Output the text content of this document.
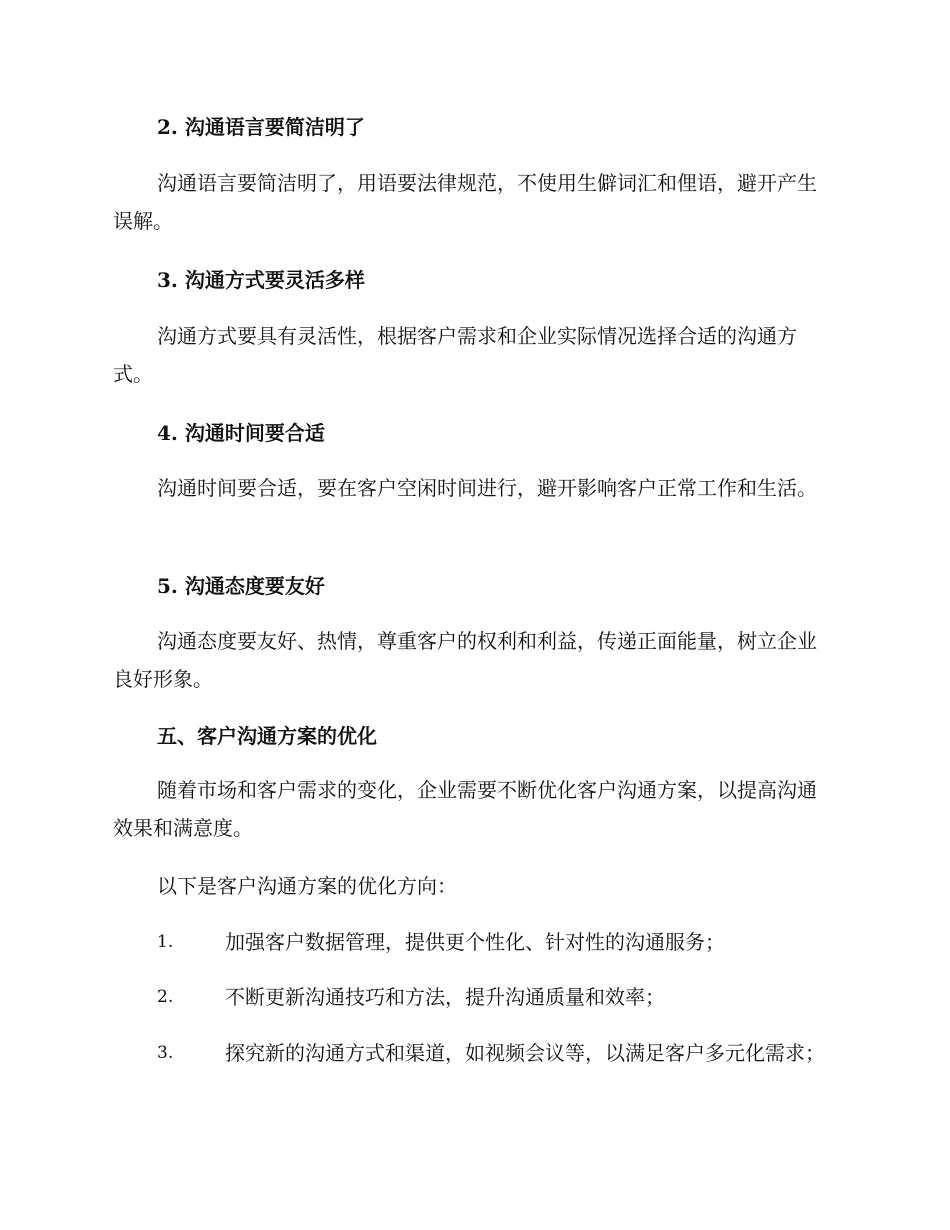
2. 沟通语言要简洁明了
沟通语言要简洁明了，用语要法律规范，不使用生僻词汇和俚语，避开产生误解。
3. 沟通方式要灵活多样
沟通方式要具有灵活性，根据客户需求和企业实际情况选择合适的沟通方式。
4. 沟通时间要合适
沟通时间要合适，要在客户空闲时间进行，避开影响客户正常工作和生活。
5. 沟通态度要友好
沟通态度要友好、热情，尊重客户的权利和利益，传递正面能量，树立企业良好形象。
五、客户沟通方案的优化
随着市场和客户需求的变化，企业需要不断优化客户沟通方案，以提高沟通效果和满意度。
以下是客户沟通方案的优化方向：
1.	加强客户数据管理，提供更个性化、针对性的沟通服务；
2.	不断更新沟通技巧和方法，提升沟通质量和效率；
3.	探究新的沟通方式和渠道，如视频会议等，以满足客户多元化需求；
